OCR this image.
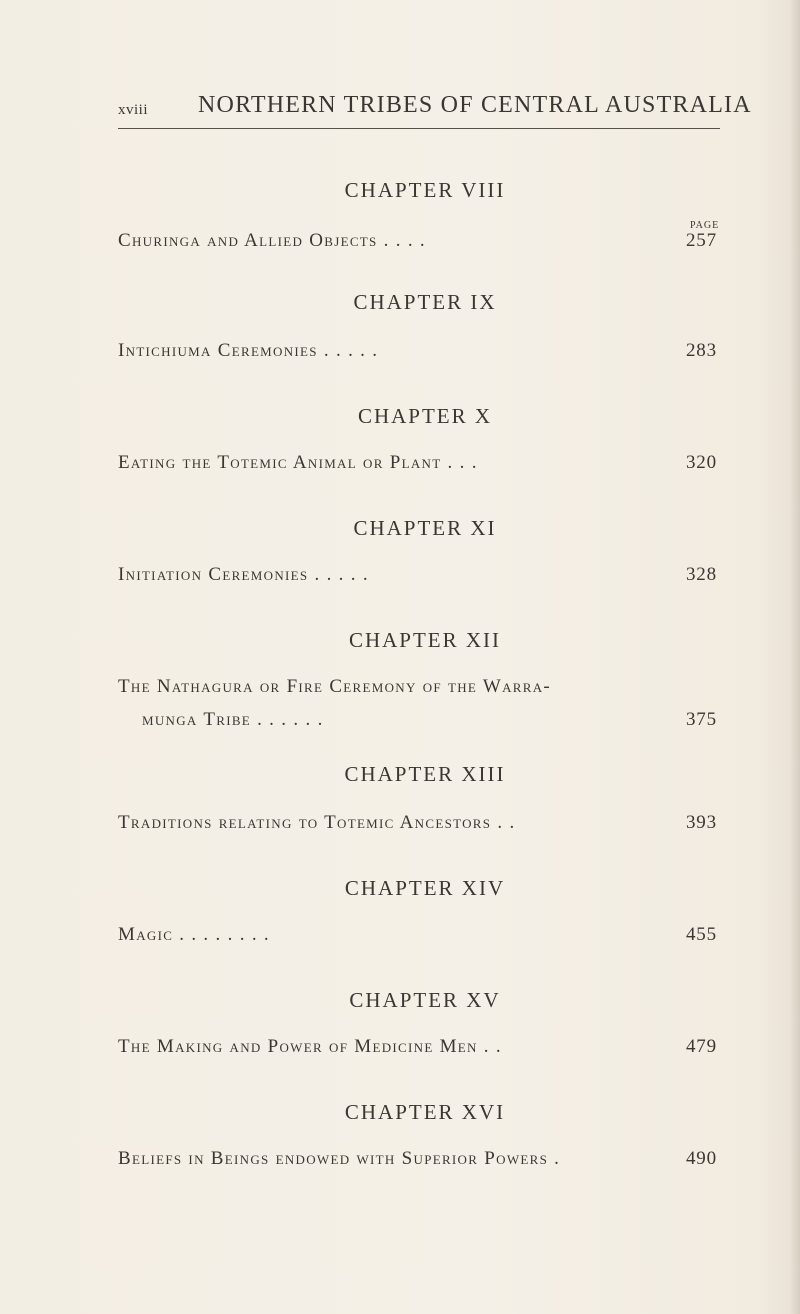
xviii NORTHERN TRIBES OF CENTRAL AUSTRALIA
PAGE
CHAPTER VIII
Churinga and Allied Objects . . . .	257
CHAPTER IX
Intichiuma Ceremonies . . . . .	283
CHAPTER X
Eating the Totemic Animal or Plant . . .	320
CHAPTER XI
Initiation Ceremonies . . . . .	328
CHAPTER XII
The Nathagura or Fire Ceremony of the Warra-
munga Tribe . . . . . .	375
CHAPTER XIII
Traditions relating to Totemic Ancestors . .	393
CHAPTER XIV
Magic . . . . . . . .	455
CHAPTER XV
The Making and Power of Medicine Men . .	479
CHAPTER XVI
Beliefs in Beings endowed with Superior Powers .	490
